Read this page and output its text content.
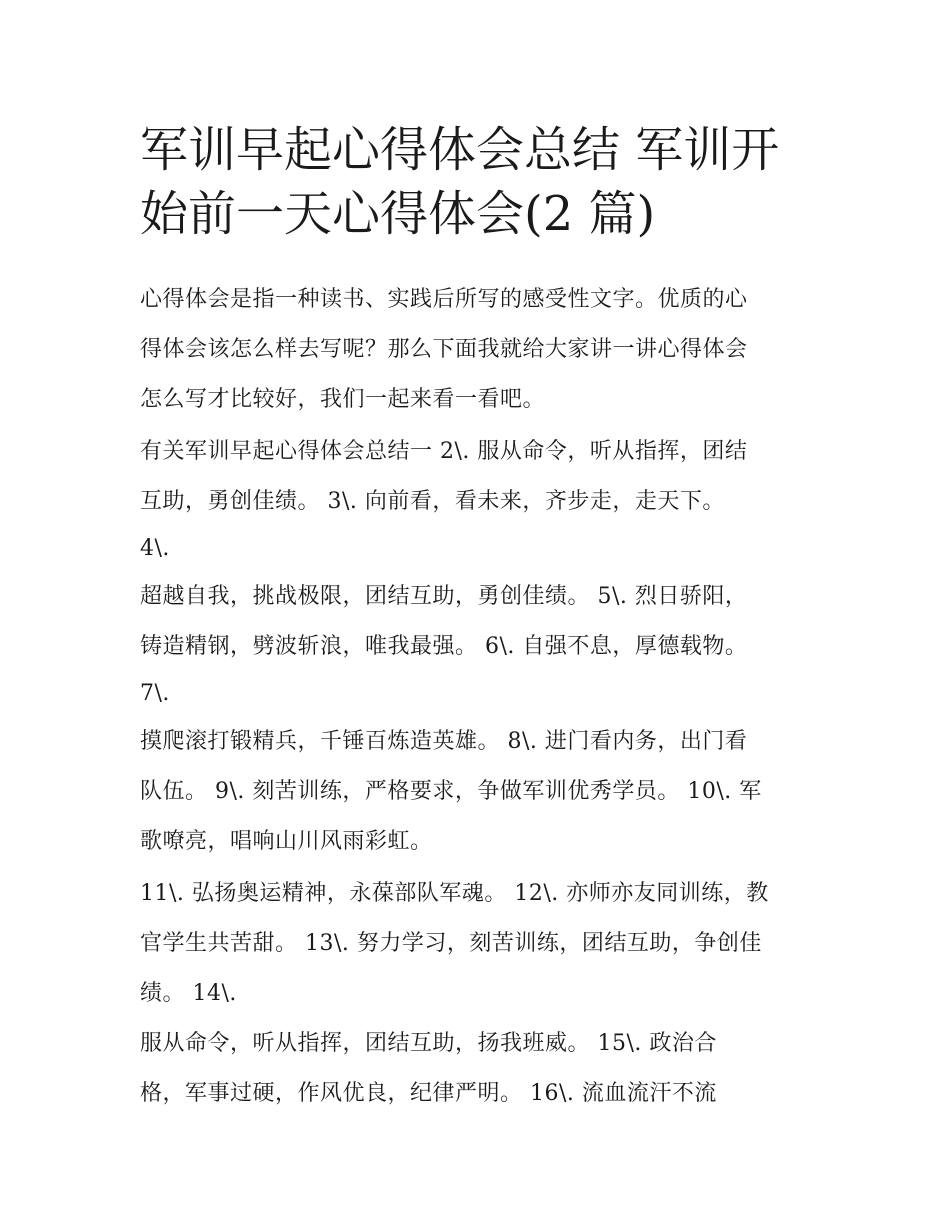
军训早起心得体会总结 军训开
始前一天心得体会(2 篇)

心得体会是指一种读书、实践后所写的感受性文字。优质的心

得体会该怎么样去写呢？那么下面我就给大家讲一讲心得体会

怎么写才比较好，我们一起来看一看吧。

有关军训早起心得体会总结一 2\. 服从命令，听从指挥，团结

互助，勇创佳绩。 3\. 向前看，看未来，齐步走，走天下。

4\.

超越自我，挑战极限，团结互助，勇创佳绩。 5\. 烈日骄阳，

铸造精钢，劈波斩浪，唯我最强。 6\. 自强不息，厚德载物。

7\.

摸爬滚打锻精兵，千锤百炼造英雄。 8\. 进门看内务，出门看

队伍。 9\. 刻苦训练，严格要求，争做军训优秀学员。 10\. 军

歌嘹亮，唱响山川风雨彩虹。

11\. 弘扬奥运精神，永葆部队军魂。 12\. 亦师亦友同训练，教

官学生共苦甜。 13\. 努力学习，刻苦训练，团结互助，争创佳

绩。 14\.

服从命令，听从指挥，团结互助，扬我班威。 15\. 政治合

格，军事过硬，作风优良，纪律严明。 16\. 流血流汗不流
